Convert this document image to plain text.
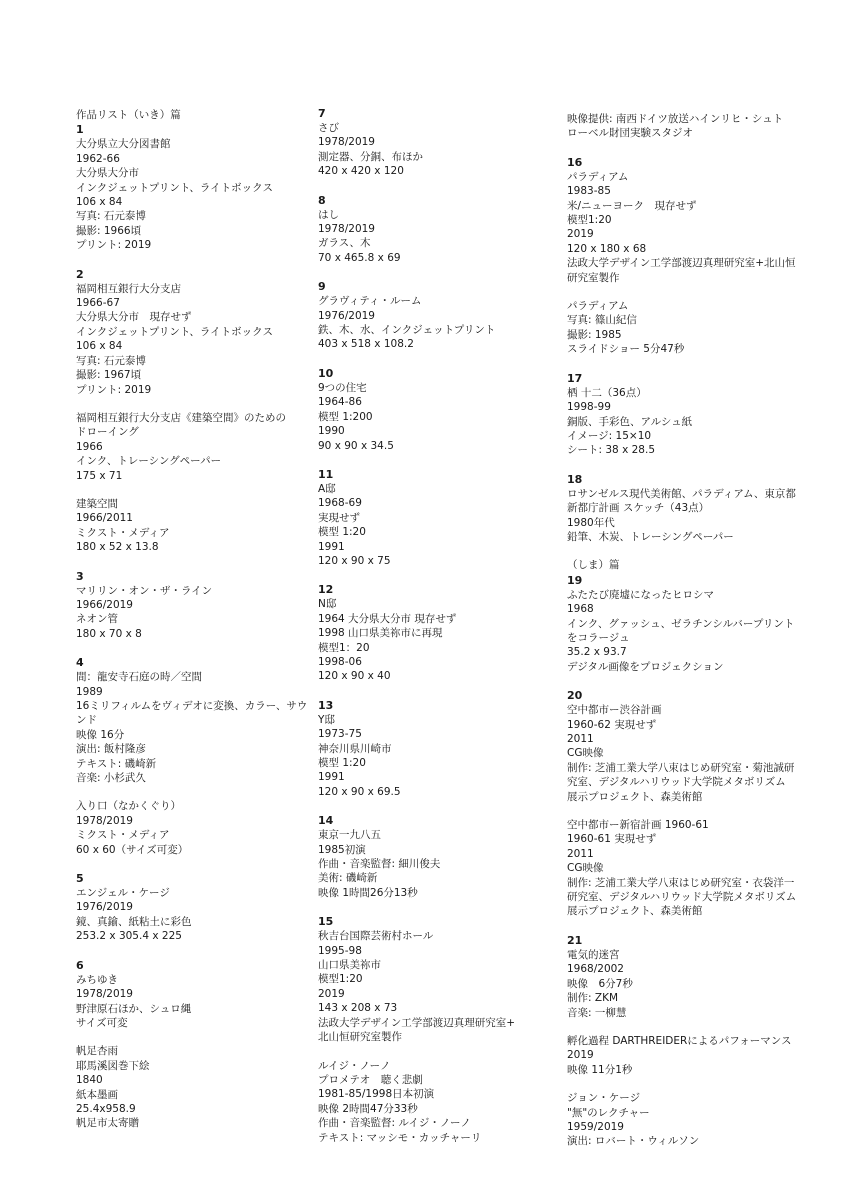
作品リスト（いき）篇
1
大分県立大分図書館
1962-66
大分県大分市
インクジェットプリント、ライトボックス
106 x 84
写真: 石元泰博
撮影: 1966頃
プリント: 2019
2
福岡相互銀行大分支店
1966-67
大分県大分市　現存せず
インクジェットプリント、ライトボックス
106 x 84
写真: 石元泰博
撮影: 1967頃
プリント: 2019
福岡相互銀行大分支店《建築空間》のための
ドローイング
1966
インク、トレーシングペーパー
175 x 71
建築空間
1966/2011
ミクスト・メディア
180 x 52 x 13.8
3
マリリン・オン・ザ・ライン
1966/2019
ネオン管
180 x 70 x 8
4
間：龍安寺石庭の時／空間
1989
16ミリフィルムをヴィデオに変換、カラー、サウ
ンド
映像 16分
演出: 飯村隆彦
テキスト: 磯崎新
音楽: 小杉武久
入り口（なかくぐり）
1978/2019
ミクスト・メディア
60 x 60（サイズ可変）
5
エンジェル・ケージ
1976/2019
鏡、真鍮、紙粘土に彩色
253.2 x 305.4 x 225
6
みちゆき
1978/2019
野津原石ほか、シュロ縄
サイズ可変
帆足杏雨
耶馬溪図巻下絵
1840
紙本墨画
25.4x958.9
帆足市太寄贈
7
さび
1978/2019
測定器、分銅、布ほか
420 x 420 x 120
8
はし
1978/2019
ガラス、木
70 x 465.8 x 69
9
グラヴィティ・ルーム
1976/2019
鉄、木、水、インクジェットプリント
403 x 518 x 108.2
10
9つの住宅
1964-86
模型 1:200
1990
90 x 90 x 34.5
11
A邸
1968-69
実現せず
模型 1:20
1991
120 x 90 x 75
12
N邸
1964 大分県大分市 現存せず
1998 山口県美祢市に再現
模型1：20
1998-06
120 x 90 x 40
13
Y邸
1973-75
神奈川県川崎市
模型 1:20
1991
120 x 90 x 69.5
14
東京一九八五
1985初演
作曲・音楽監督: 細川俊夫
美術: 磯崎新
映像 1時間26分13秒
15
秋吉台国際芸術村ホール
1995-98
山口県美祢市
模型1:20
2019
143 x 208 x 73
法政大学デザイン工学部渡辺真理研究室+
北山恒研究室製作
ルイジ・ノーノ
プロメテオ　聴く悲劇
1981-85/1998日本初演
映像 2時間47分33秒
作曲・音楽監督: ルイジ・ノーノ
テキスト: マッシモ・カッチャーリ
映像提供: 南西ドイツ放送ハインリヒ・シュト
ローベル財団実験スタジオ
16
パラディアム
1983-85
米/ニューヨーク　現存せず
模型1:20
2019
120 x 180 x 68
法政大学デザイン工学部渡辺真理研究室+北山恒
研究室製作
パラディアム
写真: 篠山紀信
撮影: 1985
スライドショー 5分47秒
17
栖 十二（36点）
1998-99
銅版、手彩色、アルシュ紙
イメージ: 15×10
シート: 38 x 28.5
18
ロサンゼルス現代美術館、パラディアム、東京都
新都庁計画 スケッチ（43点）
1980年代
鉛筆、木炭、トレーシングペーパー
（しま）篇
19
ふたたび廃墟になったヒロシマ
1968
インク、グァッシュ、ゼラチンシルバープリント
をコラージュ
35.2 x 93.7
デジタル画像をプロジェクション
20
空中都市ー渋谷計画
1960-62 実現せず
2011
CG映像
制作: 芝浦工業大学八束はじめ研究室・菊池誠研
究室、デジタルハリウッド大学院メタボリズム
展示プロジェクト、森美術館
空中都市ー新宿計画 1960-61
1960-61 実現せず
2011
CG映像
制作: 芝浦工業大学八束はじめ研究室・衣袋洋一
研究室、デジタルハリウッド大学院メタボリズム
展示プロジェクト、森美術館
21
電気的迷宮
1968/2002
映像　6分7秒
制作: ZKM
音楽: 一柳慧
孵化過程 DARTHREIDERによるパフォーマンス
2019
映像 11分1秒
ジョン・ケージ
"無"のレクチャー
1959/2019
演出: ロバート・ウィルソン
